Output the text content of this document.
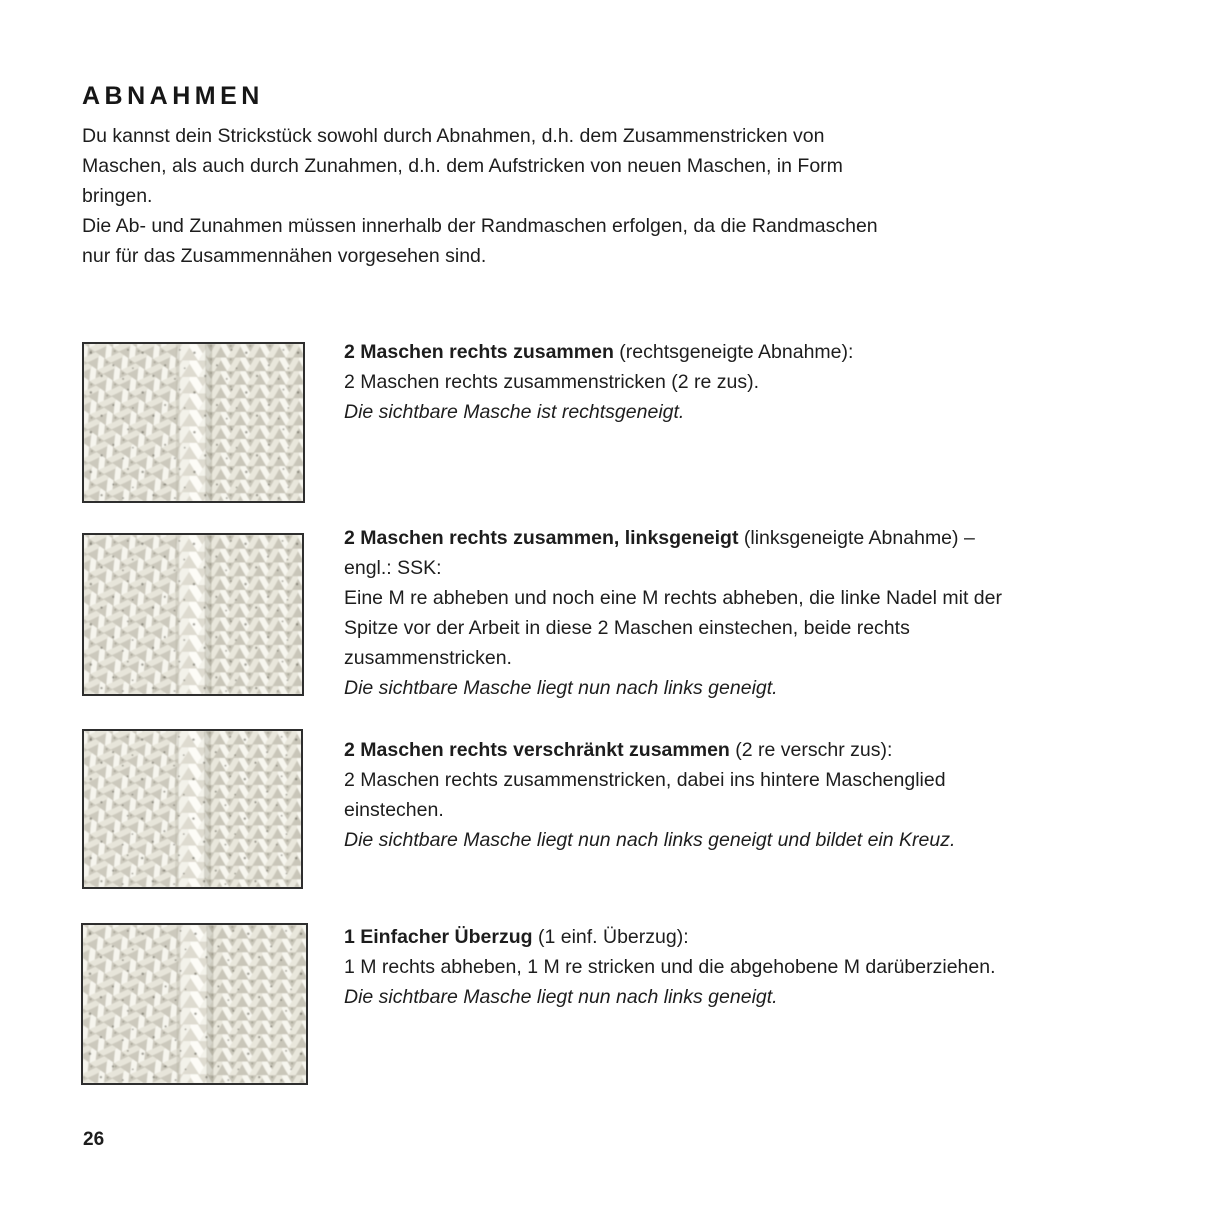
ABNAHMEN
Du kannst dein Strickstück sowohl durch Abnahmen, d.h. dem Zusammenstricken von
Maschen, als auch durch Zunahmen, d.h. dem Aufstricken von neuen Maschen, in Form
bringen.
Die Ab- und Zunahmen müssen innerhalb der Randmaschen erfolgen, da die Randmaschen
nur für das Zusammennähen vorgesehen sind.
2 Maschen rechts zusammen (rechtsgeneigte Abnahme):
2 Maschen rechts zusammenstricken (2 re zus).
Die sichtbare Masche ist rechtsgeneigt.
2 Maschen rechts zusammen, linksgeneigt (linksgeneigte Abnahme) –
engl.: SSK:
Eine M re abheben und noch eine M rechts abheben, die linke Nadel mit der
Spitze vor der Arbeit in diese 2 Maschen einstechen, beide rechts
zusammenstricken.
Die sichtbare Masche liegt nun nach links geneigt.
2 Maschen rechts verschränkt zusammen (2 re verschr zus):
2 Maschen rechts zusammenstricken, dabei ins hintere Maschenglied
einstechen.
Die sichtbare Masche liegt nun nach links geneigt und bildet ein Kreuz.
1 Einfacher Überzug (1 einf. Überzug):
1 M rechts abheben, 1 M re stricken und die abgehobene M darüberziehen.
Die sichtbare Masche liegt nun nach links geneigt.
26
